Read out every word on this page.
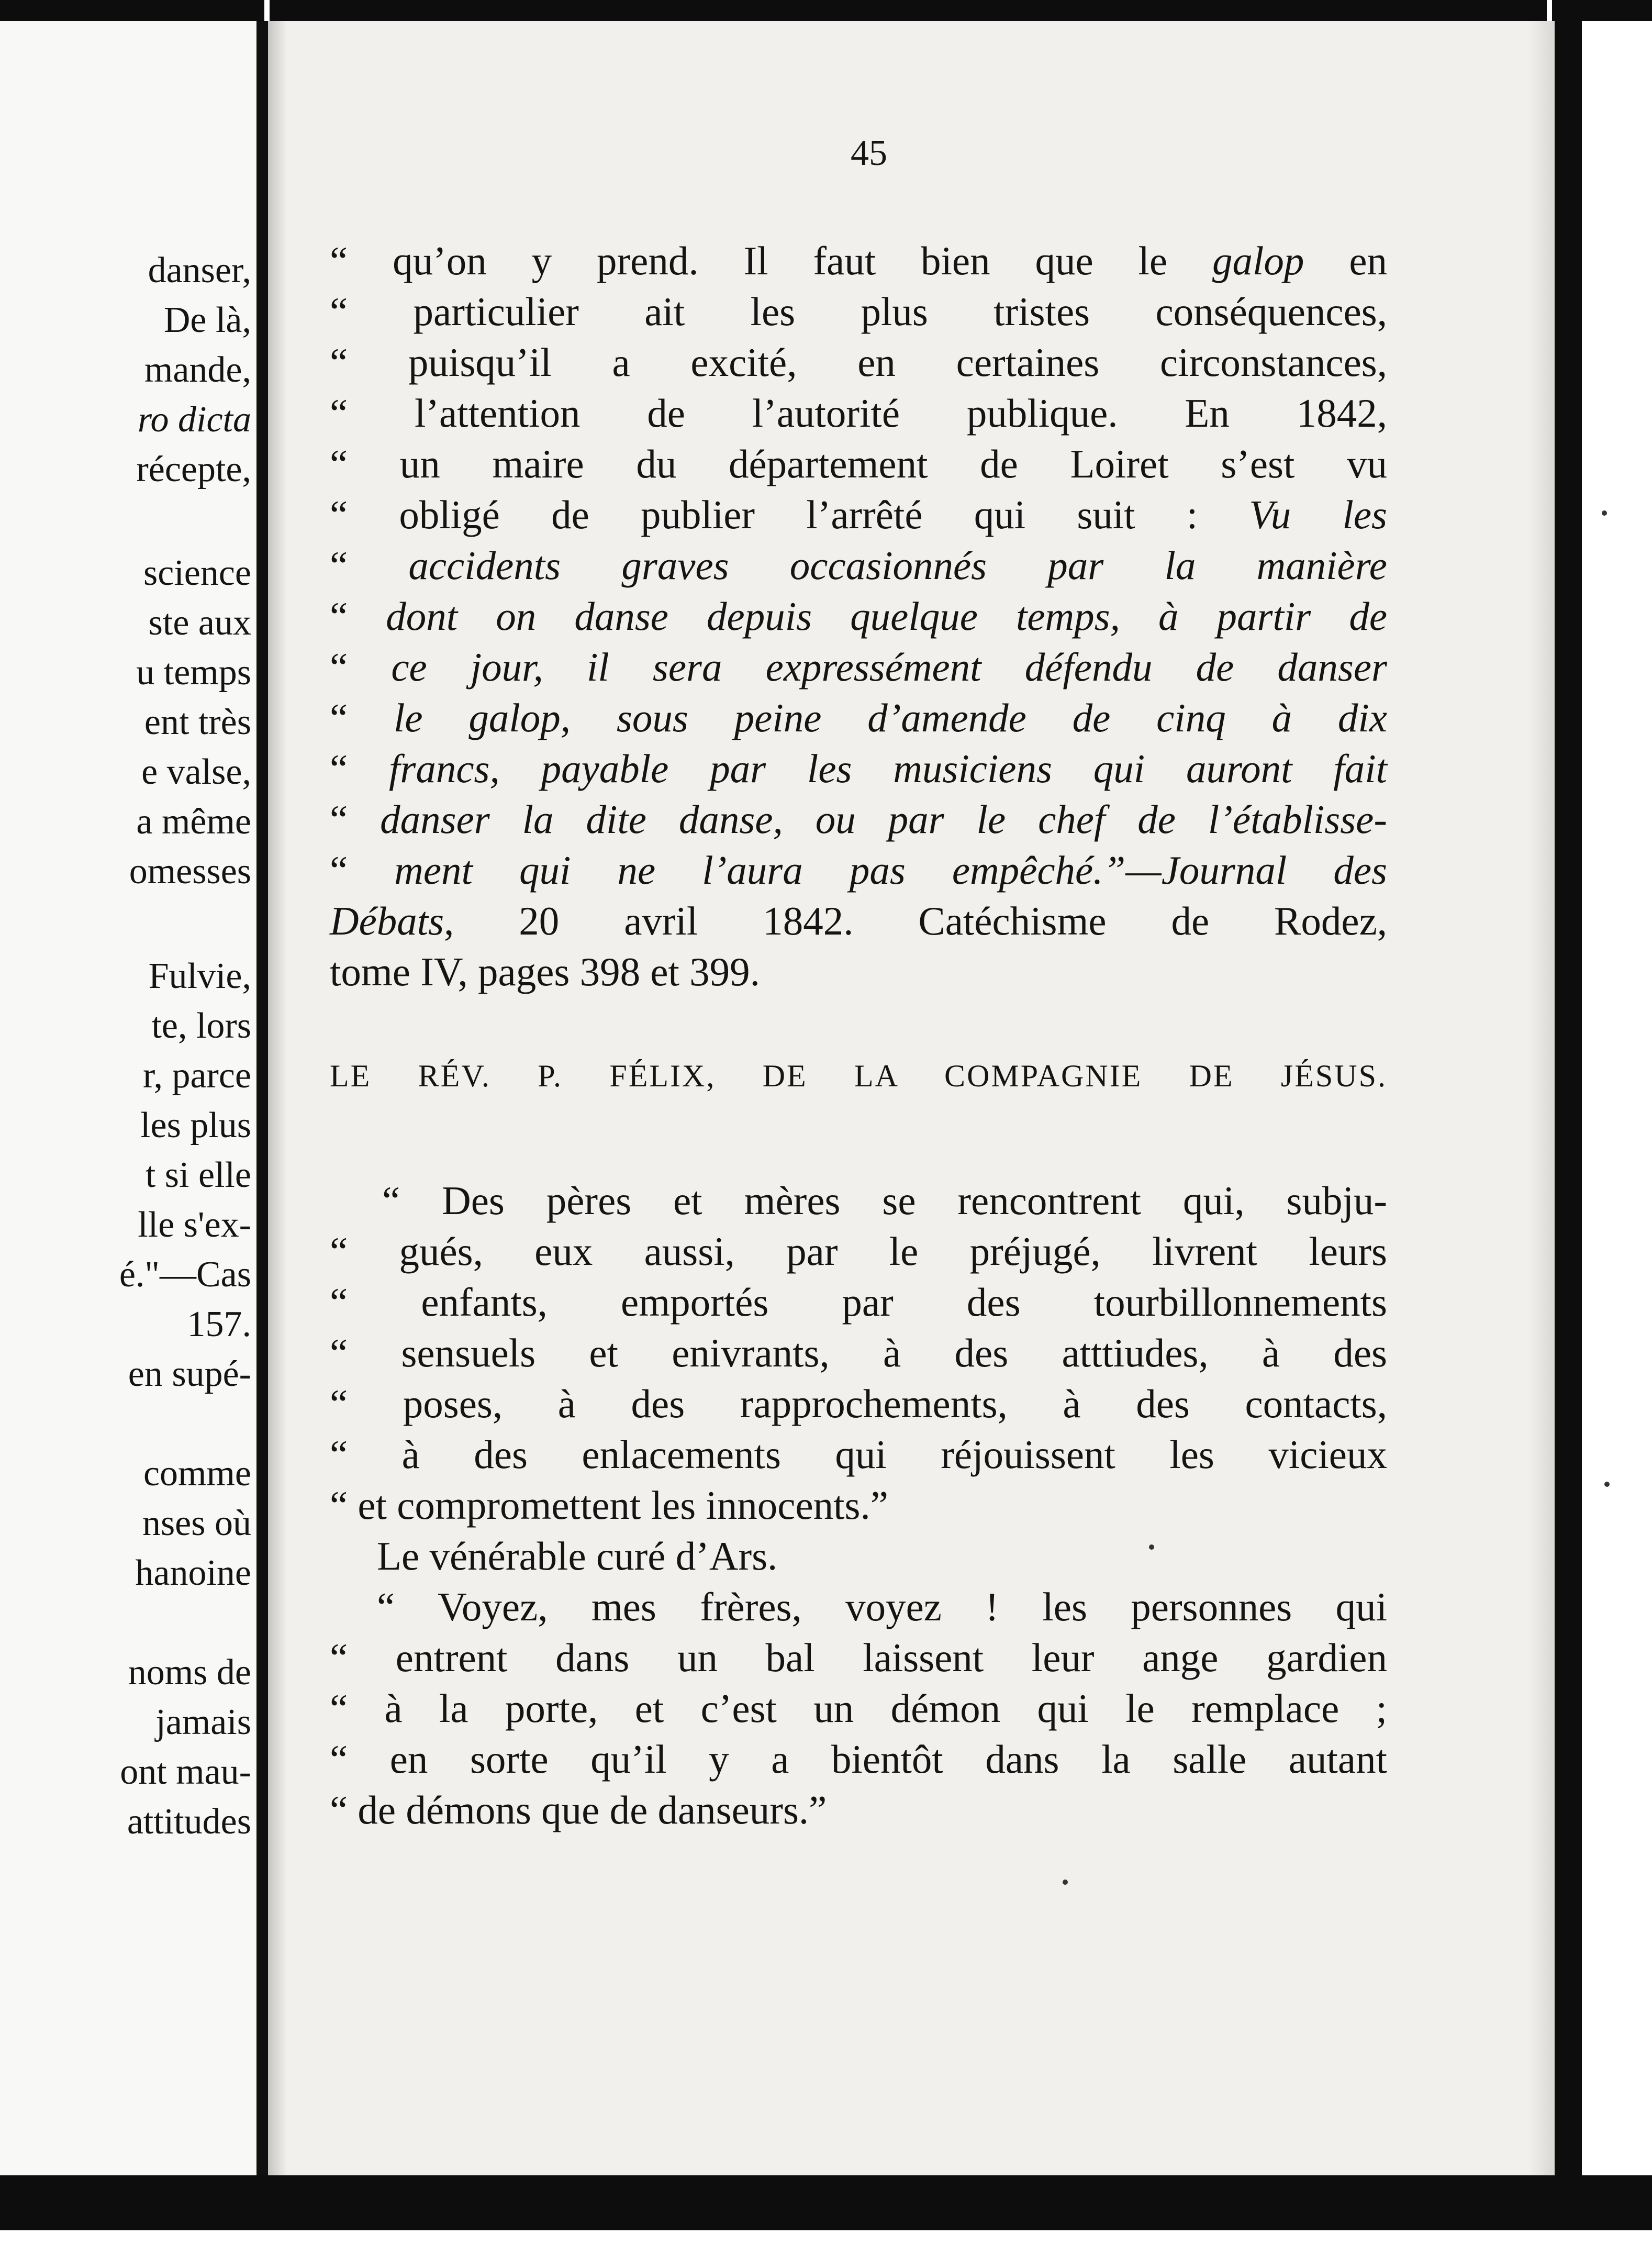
danser,
De là,
mande,
ro dicta
récepte,
science
ste aux
u temps
ent très
e valse,
a même
omesses
Fulvie,
te, lors
r, parce
les plus
t si elle
lle s'ex-
é."—Cas
157.
en supé-
comme
nses où
hanoine
noms de
jamais
ont mau-
attitudes
45
“ qu’on y prend. Il faut bien que le galop en
“ particulier ait les plus tristes conséquences,
“ puisqu’il a excité, en certaines circonstances,
“ l’attention de l’autorité publique. En 1842,
“ un maire du département de Loiret s’est vu
“ obligé de publier l’arrêté qui suit : Vu les
“ accidents graves occasionnés par la manière
“ dont on danse depuis quelque temps, à partir de
“ ce jour, il sera expressément défendu de danser
“ le galop, sous peine d’amende de cinq à dix
“ francs, payable par les musiciens qui auront fait
“ danser la dite danse, ou par le chef de l’établisse-
“ ment qui ne l’aura pas empêché.”—Journal des
Débats, 20 avril 1842. Catéchisme de Rodez,
tome IV, pages 398 et 399.
LE RÉV. P. FÉLIX, DE LA COMPAGNIE DE JÉSUS.
“ Des pères et mères se rencontrent qui, subju-
“ gués, eux aussi, par le préjugé, livrent leurs
“ enfants, emportés par des tourbillonnements
“ sensuels et enivrants, à des atttiudes, à des
“ poses, à des rapprochements, à des contacts,
“ à des enlacements qui réjouissent les vicieux
“ et compromettent les innocents.”
Le vénérable curé d’Ars.
“ Voyez, mes frères, voyez ! les personnes qui
“ entrent dans un bal laissent leur ange gardien
“ à la porte, et c’est un démon qui le remplace ;
“ en sorte qu’il y a bientôt dans la salle autant
“ de démons que de danseurs.”
